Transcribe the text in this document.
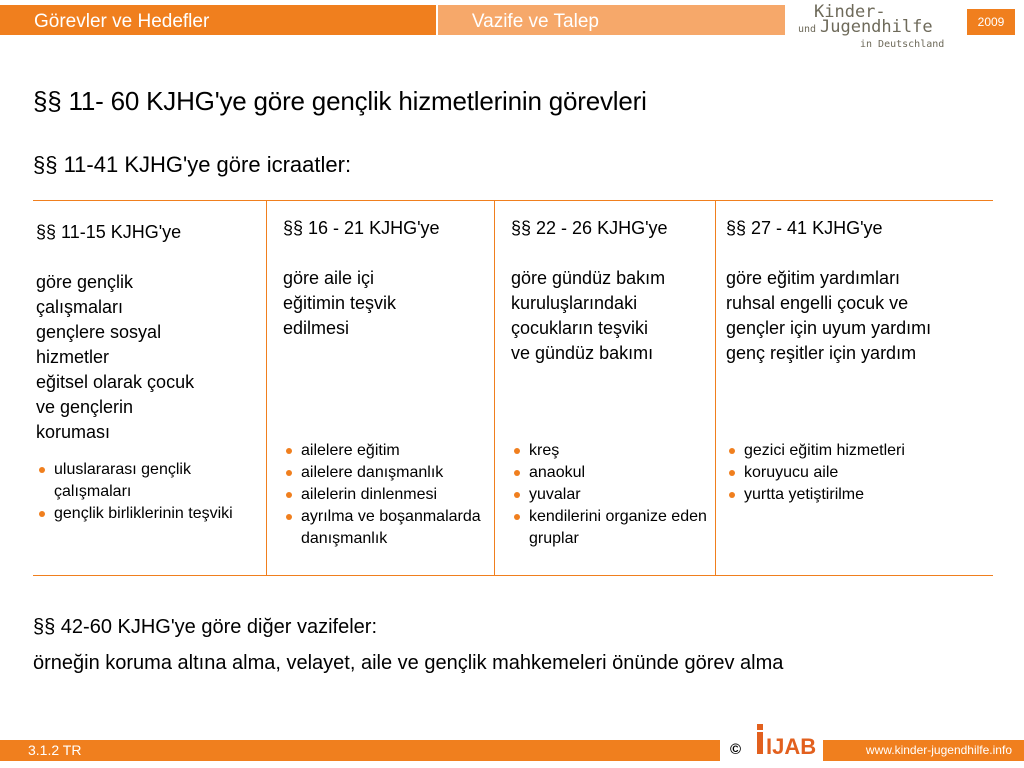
Görevler ve Hedefler	Vazife ve Talep	Kinder-
und Jugendhilfe
in Deutschland
2009
§§ 11- 60 KJHG'ye göre gençlik hizmetlerinin görevleri
§§ 11-41 KJHG'ye göre icraatler:
§§ 11-15 KJHG'ye
göre gençlik
çalışmaları
gençlere sosyal
hizmetler
eğitsel olarak çocuk
ve gençlerin
koruması
uluslararası gençlik çalışmaları
gençlik birliklerinin teşviki
§§ 16 - 21 KJHG'ye
göre aile içi
eğitimin teşvik
edilmesi
ailelere eğitim
ailelere danışmanlık
ailelerin dinlenmesi
ayrılma ve boşanmalarda danışmanlık
§§ 22 - 26 KJHG'ye
göre gündüz bakım
kuruluşlarındaki
çocukların teşviki
ve gündüz bakımı
kreş
anaokul
yuvalar
kendilerini organize eden gruplar
§§ 27 - 41 KJHG'ye
göre eğitim yardımları
ruhsal engelli çocuk ve
gençler için uyum yardımı
genç reşitler için yardım
gezici eğitim hizmetleri
koruyucu aile
yurtta yetiştirilme
§§ 42-60 KJHG'ye göre diğer vazifeler:
örneğin koruma altına alma, velayet, aile ve gençlik mahkemeleri önünde görev alma
3.1.2 TR	© IJAB	www.kinder-jugendhilfe.info
